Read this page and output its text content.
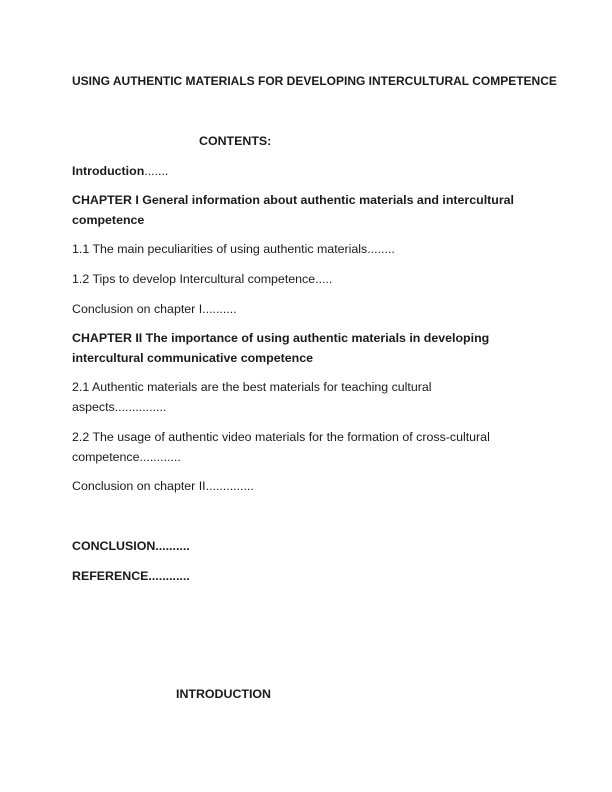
USING AUTHENTIC MATERIALS FOR DEVELOPING INTERCULTURAL COMPETENCE
CONTENTS:
Introduction.......
CHAPTER I General information about authentic materials and intercultural competence
1.1 The main peculiarities of using authentic materials........
1.2 Tips to develop Intercultural competence.....
Conclusion on chapter I..........
CHAPTER II The importance of using authentic materials in developing intercultural communicative competence
2.1 Authentic materials are the best materials for teaching cultural aspects...............
2.2 The usage of authentic video materials for the formation of cross-cultural competence............
Conclusion on chapter II..............
CONCLUSION..........
REFERENCE............
INTRODUCTION
